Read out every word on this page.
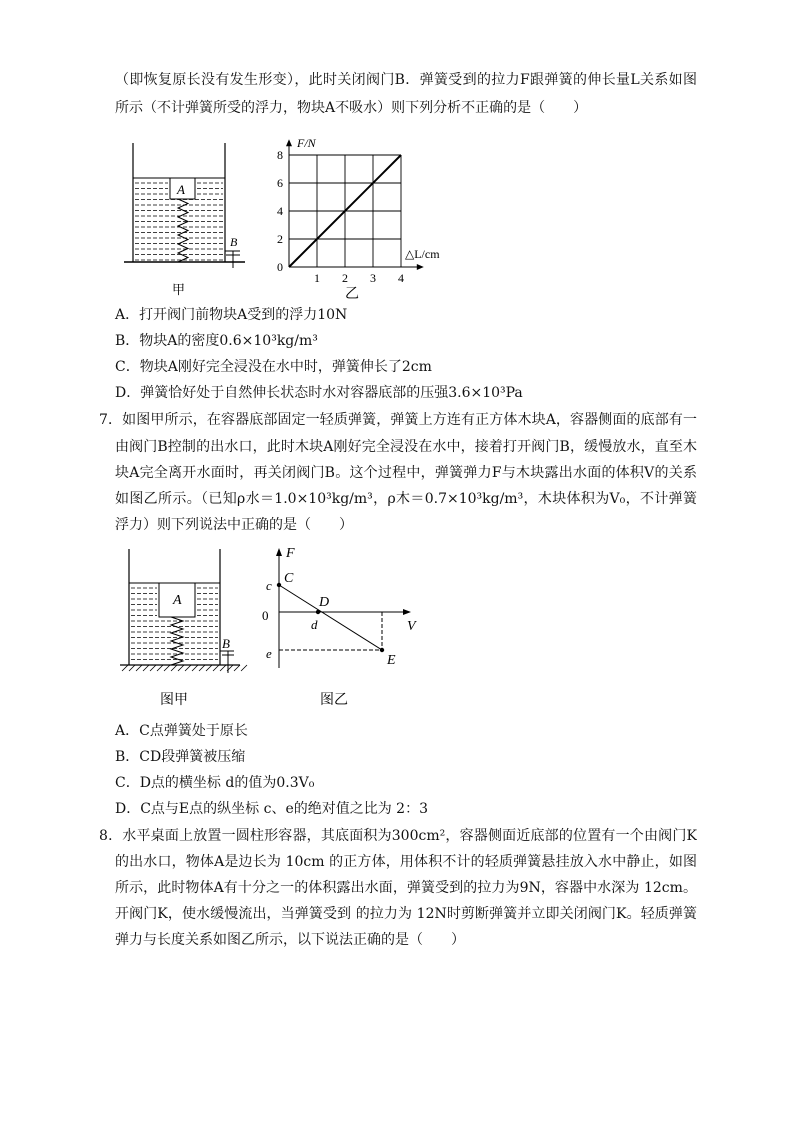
（即恢复原长没有发生形变），此时关闭阀门B．弹簧受到的拉力F跟弹簧的伸长量L关系如图
所示（不计弹簧所受的浮力，物块A不吸水）则下列分析不正确的是（　　）
A
B
甲
1 2 3 4
2
4
6
8
0
F/N
△L/cm
乙
A．打开阀门前物块A受到的浮力10N
B．物块A的密度0.6×10³kg/m³
C．物块A刚好完全浸没在水中时，弹簧伸长了2cm
D．弹簧恰好处于自然伸长状态时水对容器底部的压强3.6×10³Pa
7．如图甲所示，在容器底部固定一轻质弹簧，弹簧上方连有正方体木块A，容器侧面的底部有一
由阀门B控制的出水口，此时木块A刚好完全浸没在水中，接着打开阀门B，缓慢放水，直至木
块A完全离开水面时，再关闭阀门B。这个过程中，弹簧弹力F与木块露出水面的体积V的关系
如图乙所示。（已知ρ水＝1.0×10³kg/m³，ρ木＝0.7×10³kg/m³，木块体积为V₀，不计弹簧
浮力）则下列说法中正确的是（　　）
A
B
图甲
C
c
D
d
E
e
0
F
V
图乙
A．C点弹簧处于原长
B．CD段弹簧被压缩
C．D点的横坐标 d的值为0.3V₀
D．C点与E点的纵坐标 c、e的绝对值之比为 2：3
8．水平桌面上放置一圆柱形容器，其底面积为300cm²，容器侧面近底部的位置有一个由阀门K
的出水口，物体A是边长为 10cm 的正方体，用体积不计的轻质弹簧悬挂放入水中静止，如图
所示，此时物体A有十分之一的体积露出水面，弹簧受到的拉力为9N，容器中水深为 12cm。
开阀门K，使水缓慢流出，当弹簧受到 的拉力为 12N时剪断弹簧并立即关闭阀门K。轻质弹簧
弹力与长度关系如图乙所示，以下说法正确的是（　　）
